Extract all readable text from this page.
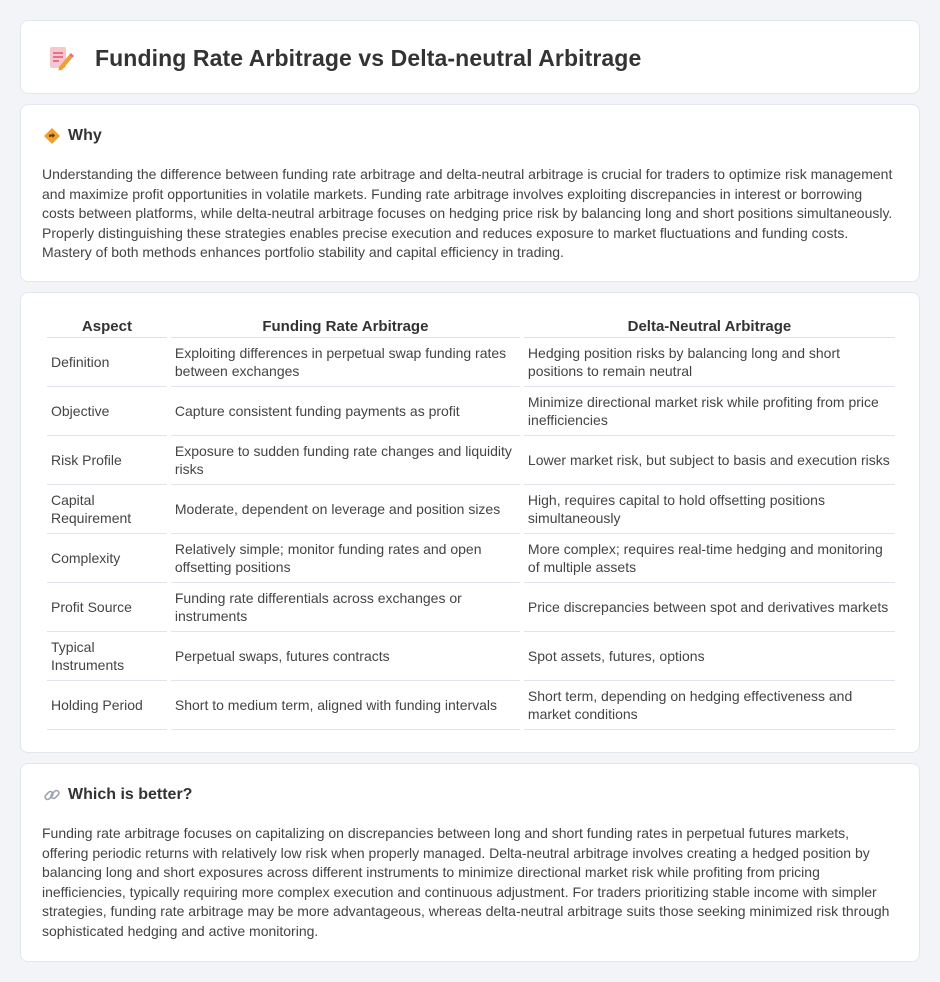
Funding Rate Arbitrage vs Delta-neutral Arbitrage
Why
Understanding the difference between funding rate arbitrage and delta-neutral arbitrage is crucial for traders to optimize risk management and maximize profit opportunities in volatile markets. Funding rate arbitrage involves exploiting discrepancies in interest or borrowing costs between platforms, while delta-neutral arbitrage focuses on hedging price risk by balancing long and short positions simultaneously. Properly distinguishing these strategies enables precise execution and reduces exposure to market fluctuations and funding costs. Mastery of both methods enhances portfolio stability and capital efficiency in trading.
Aspect	Funding Rate Arbitrage	Delta-Neutral Arbitrage
Definition	Exploiting differences in perpetual swap funding rates between exchanges	Hedging position risks by balancing long and short positions to remain neutral
Objective	Capture consistent funding payments as profit	Minimize directional market risk while profiting from price inefficiencies
Risk Profile	Exposure to sudden funding rate changes and liquidity risks	Lower market risk, but subject to basis and execution risks
Capital Requirement	Moderate, dependent on leverage and position sizes	High, requires capital to hold offsetting positions simultaneously
Complexity	Relatively simple; monitor funding rates and open offsetting positions	More complex; requires real-time hedging and monitoring of multiple assets
Profit Source	Funding rate differentials across exchanges or instruments	Price discrepancies between spot and derivatives markets
Typical Instruments	Perpetual swaps, futures contracts	Spot assets, futures, options
Holding Period	Short to medium term, aligned with funding intervals	Short term, depending on hedging effectiveness and market conditions
Which is better?
Funding rate arbitrage focuses on capitalizing on discrepancies between long and short funding rates in perpetual futures markets, offering periodic returns with relatively low risk when properly managed. Delta-neutral arbitrage involves creating a hedged position by balancing long and short exposures across different instruments to minimize directional market risk while profiting from pricing inefficiencies, typically requiring more complex execution and continuous adjustment. For traders prioritizing stable income with simpler strategies, funding rate arbitrage may be more advantageous, whereas delta-neutral arbitrage suits those seeking minimized risk through sophisticated hedging and active monitoring.
